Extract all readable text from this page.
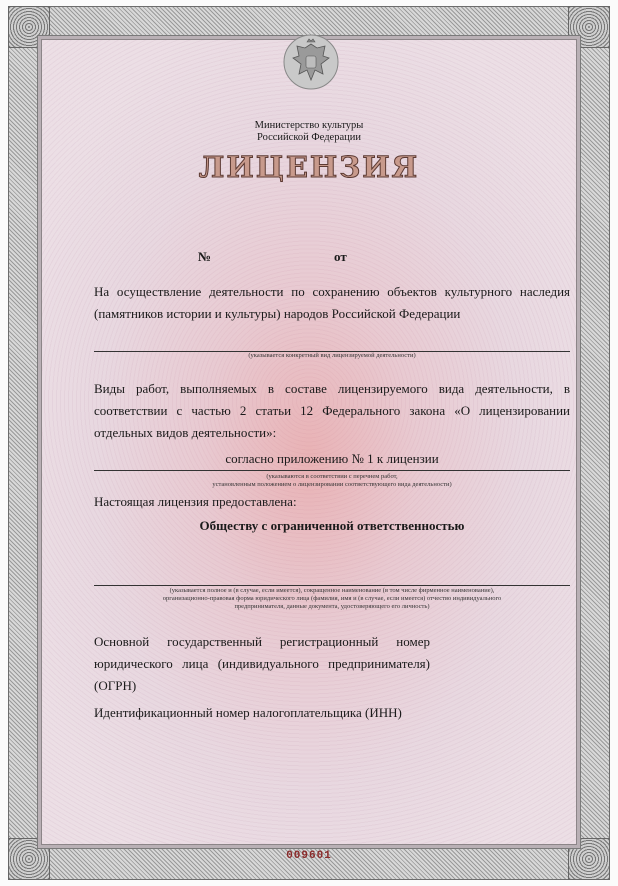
Министерство культуры
Российской Федерации
ЛИЦЕНЗИЯ
№	от
На осуществление деятельности по сохранению объектов культурного наследия (памятников истории и культуры) народов Российской Федерации
(указывается конкретный вид лицензируемой деятельности)
Виды работ, выполняемых в составе лицензируемого вида деятельности, в соответствии с частью 2 статьи 12 Федерального закона «О лицензировании отдельных видов деятельности»:
согласно приложению № 1 к лицензии
(указываются в соответствии с перечнем работ,
установленным положением о лицензировании соответствующего вида деятельности)
Настоящая лицензия предоставлена:
Обществу с ограниченной ответственностью
(указывается полное и (в случае, если имеется), сокращенное наименование (в том числе фирменное наименование),
организационно-правовая форма юридического лица (фамилия, имя и (в случае, если имеется) отчество индивидуального
предпринимателя, данные документа, удостоверяющего его личность)
Основной государственный регистрационный номер юридического лица (индивидуального предпринимателя) (ОГРН)
Идентификационный номер налогоплательщика (ИНН)
009601
